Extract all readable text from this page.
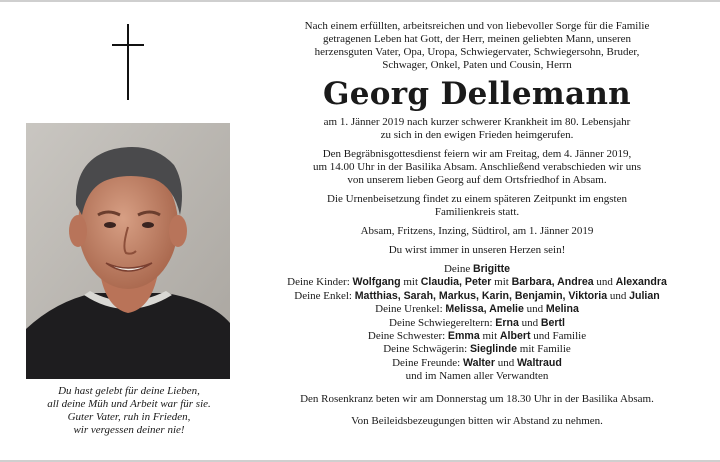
Du hast gelebt für deine Lieben,
all deine Müh und Arbeit war für sie.
Guter Vater, ruh in Frieden,
wir vergessen deiner nie!
Nach einem erfüllten, arbeitsreichen und von liebevoller Sorge für die Familie
getragenen Leben hat Gott, der Herr, meinen geliebten Mann, unseren
herzensguten Vater, Opa, Uropa, Schwiegervater, Schwiegersohn, Bruder,
Schwager, Onkel, Paten und Cousin, Herrn
Georg Dellemann
am 1. Jänner 2019 nach kurzer schwerer Krankheit im 80. Lebensjahr
zu sich in den ewigen Frieden heimgerufen.
Den Begräbnisgottesdienst feiern wir am Freitag, dem 4. Jänner 2019,
um 14.00 Uhr in der Basilika Absam. Anschließend verabschieden wir uns
von unserem lieben Georg auf dem Ortsfriedhof in Absam.
Die Urnenbeisetzung findet zu einem späteren Zeitpunkt im engsten
Familienkreis statt.
Absam, Fritzens, Inzing, Südtirol, am 1. Jänner 2019
Du wirst immer in unseren Herzen sein!
Deine Brigitte
Deine Kinder: Wolfgang mit Claudia, Peter mit Barbara, Andrea und Alexandra
Deine Enkel: Matthias, Sarah, Markus, Karin, Benjamin, Viktoria und Julian
Deine Urenkel: Melissa, Amelie und Melina
Deine Schwiegereltern: Erna und Bertl
Deine Schwester: Emma mit Albert und Familie
Deine Schwägerin: Sieglinde mit Familie
Deine Freunde: Walter und Waltraud
und im Namen aller Verwandten
Den Rosenkranz beten wir am Donnerstag um 18.30 Uhr in der Basilika Absam.
Von Beileidsbezeugungen bitten wir Abstand zu nehmen.
